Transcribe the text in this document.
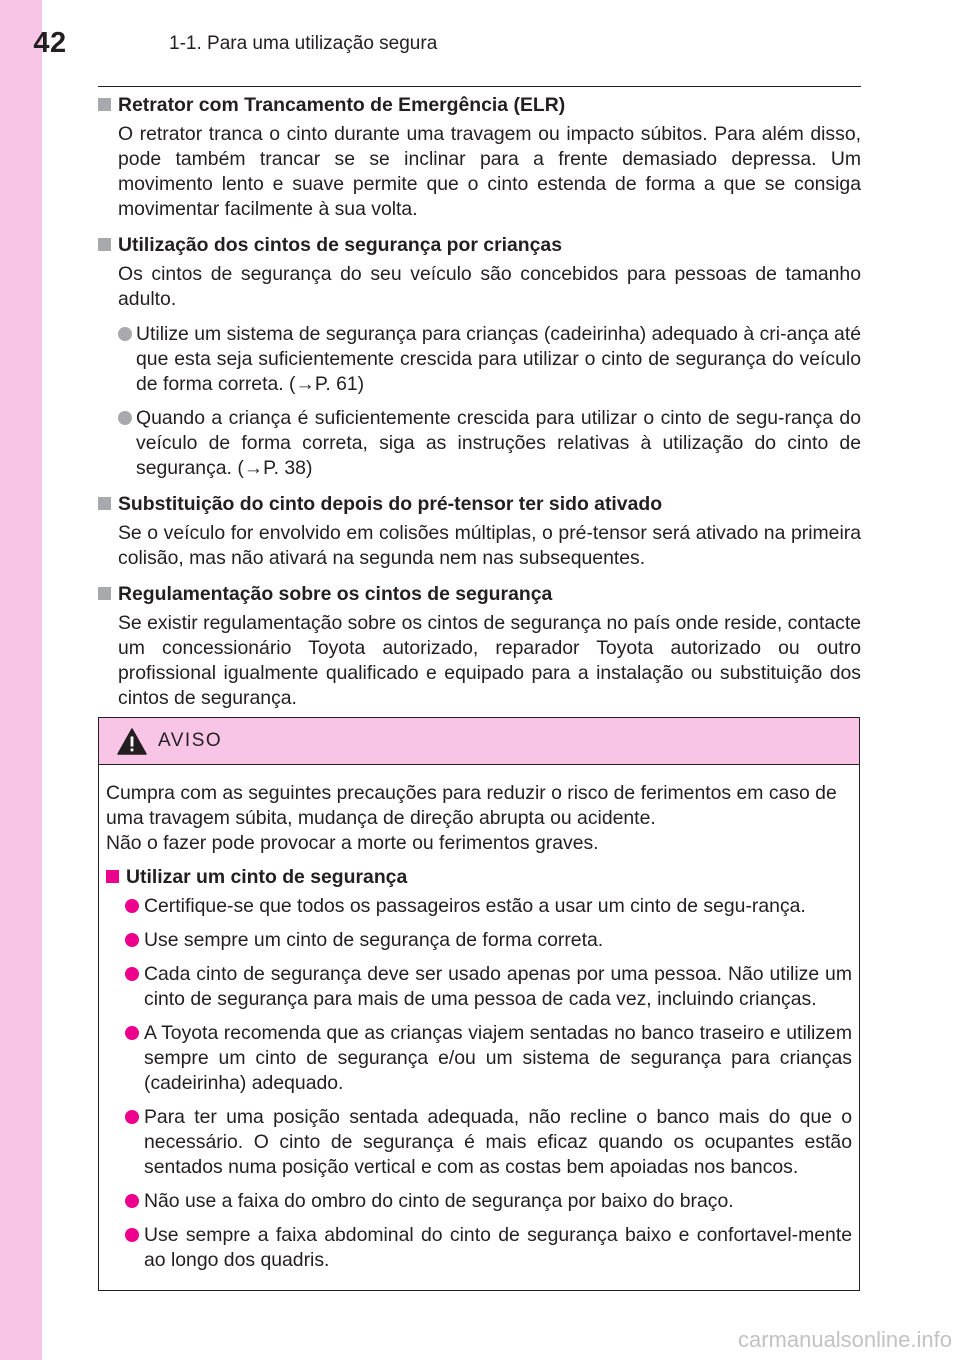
42	1-1. Para uma utilização segura
Retrator com Trancamento de Emergência (ELR)
O retrator tranca o cinto durante uma travagem ou impacto súbitos. Para além disso, pode também trancar se se inclinar para a frente demasiado depressa. Um movimento lento e suave permite que o cinto estenda de forma a que se consiga movimentar facilmente à sua volta.
Utilização dos cintos de segurança por crianças
Os cintos de segurança do seu veículo são concebidos para pessoas de tamanho adulto.
Utilize um sistema de segurança para crianças (cadeirinha) adequado à cri-ança até que esta seja suficientemente crescida para utilizar o cinto de segurança do veículo de forma correta. (→P. 61)
Quando a criança é suficientemente crescida para utilizar o cinto de segu-rança do veículo de forma correta, siga as instruções relativas à utilização do cinto de segurança. (→P. 38)
Substituição do cinto depois do pré-tensor ter sido ativado
Se o veículo for envolvido em colisões múltiplas, o pré-tensor será ativado na primeira colisão, mas não ativará na segunda nem nas subsequentes.
Regulamentação sobre os cintos de segurança
Se existir regulamentação sobre os cintos de segurança no país onde reside, contacte um concessionário Toyota autorizado, reparador Toyota autorizado ou outro profissional igualmente qualificado e equipado para a instalação ou substituição dos cintos de segurança.
AVISO
Cumpra com as seguintes precauções para reduzir o risco de ferimentos em caso de uma travagem súbita, mudança de direção abrupta ou acidente.
Não o fazer pode provocar a morte ou ferimentos graves.
Utilizar um cinto de segurança
Certifique-se que todos os passageiros estão a usar um cinto de segu-rança.
Use sempre um cinto de segurança de forma correta.
Cada cinto de segurança deve ser usado apenas por uma pessoa. Não utilize um cinto de segurança para mais de uma pessoa de cada vez, incluindo crianças.
A Toyota recomenda que as crianças viajem sentadas no banco traseiro e utilizem sempre um cinto de segurança e/ou um sistema de segurança para crianças (cadeirinha) adequado.
Para ter uma posição sentada adequada, não recline o banco mais do que o necessário. O cinto de segurança é mais eficaz quando os ocupantes estão sentados numa posição vertical e com as costas bem apoiadas nos bancos.
Não use a faixa do ombro do cinto de segurança por baixo do braço.
Use sempre a faixa abdominal do cinto de segurança baixo e confortavel-mente ao longo dos quadris.
carmanualsonline.info
